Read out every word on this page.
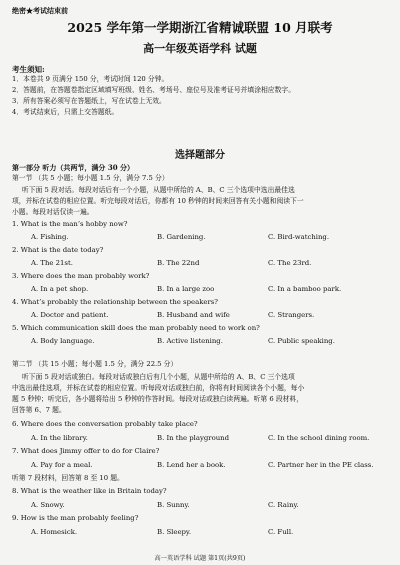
绝密★考试结束前
2025 学年第一学期浙江省精诚联盟 10 月联考
高一年级英语学科 试题
考生须知:
1．本卷共 9 页满分 150 分，考试时间 120 分钟。
2．答题前，在答题卷指定区域填写班级、姓名、考场号、座位号及准考证号并填涂相应数字。
3．所有答案必须写在答题纸上，写在试卷上无效。
4．考试结束后，只需上交答题纸。
选择题部分
第一部分 听力（共两节，满分 30 分）
第一节 （共 5 小题；每小题 1.5 分，满分 7.5 分）
听下面 5 段对话。每段对话后有一个小题，从题中所给的 A、B、C 三个选项中选出最佳选
项，并标在试卷的相应位置。听完每段对话后，你都有 10 秒钟的时间来回答有关小题和阅读下一
小题。每段对话仅读一遍。
1. What is the man’s hobby now?
A. Fishing.	B. Gardening.	C. Bird-watching.
2. What is the date today?
A. The 21st.	B. The 22nd	C. The 23rd.
3. Where does the man probably work?
A. In a pet shop.	B. In a large zoo	C. In a bamboo park.
4. What’s probably the relationship between the speakers?
A. Doctor and patient.	B. Husband and wife	C. Strangers.
5. Which communication skill does the man probably need to work on?
A. Body language.	B. Active listening.	C. Public speaking.
第二节 （共 15 小题；每小题 1.5 分，满分 22.5 分）
听下面 5 段对话或独白。每段对话或独白后有几个小题，从题中所给的 A、B、C 三个选项
中选出最佳选项，并标在试卷的相应位置。听每段对话或独白前，你将有时间阅读各个小题，每小
题 5 秒钟；听完后，各小题将给出 5 秒钟的作答时间。每段对话或独白读两遍。听第 6 段材料，
回答第 6、7 题。
6. Where does the conversation probably take place?
A. In the library.	B. In the playground	C. In the school dining room.
7. What does Jimmy offer to do for Claire?
A. Pay for a meal.	B. Lend her a book.	C. Partner her in the PE class.
听第 7 段材料，回答第 8 至 10 题。
8. What is the weather like in Britain today?
A. Snowy.	B. Sunny.	C. Rainy.
9. How is the man probably feeling?
A. Homesick.	B. Sleepy.	C. Full.
高一英语学科 试题 第1页(共9页)
